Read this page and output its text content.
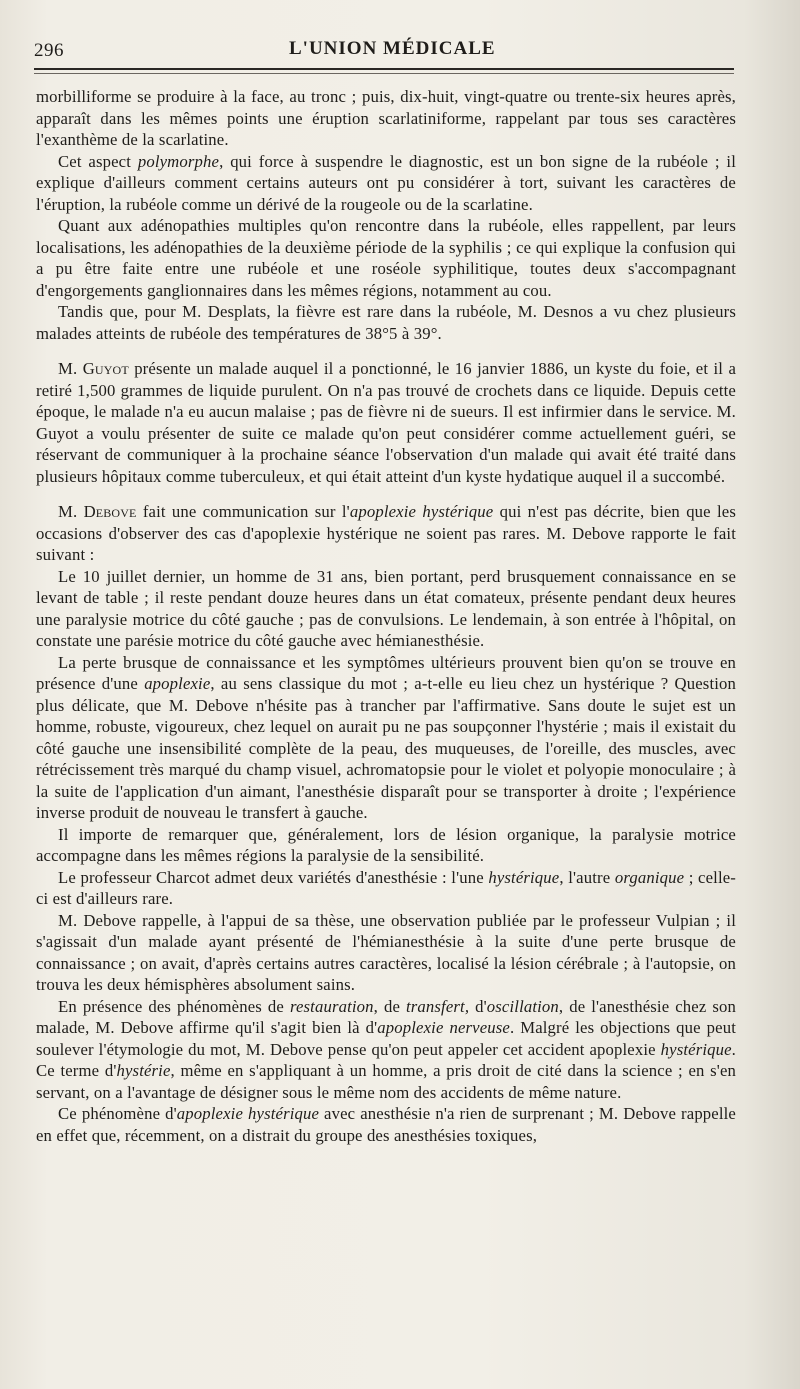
296	L'UNION MÉDICALE

morbilliforme se produire à la face, au tronc ; puis, dix-huit, vingt-quatre ou trente-six heures après, apparaît dans les mêmes points une éruption scarlatiniforme, rappelant par tous ses caractères l'exanthème de la scarlatine.

Cet aspect polymorphe, qui force à suspendre le diagnostic, est un bon signe de la rubéole ; il explique d'ailleurs comment certains auteurs ont pu considérer à tort, suivant les caractères de l'éruption, la rubéole comme un dérivé de la rougeole ou de la scarlatine.

Quant aux adénopathies multiples qu'on rencontre dans la rubéole, elles rappellent, par leurs localisations, les adénopathies de la deuxième période de la syphilis ; ce qui explique la confusion qui a pu être faite entre une rubéole et une roséole syphilitique, toutes deux s'accompagnant d'engorgements ganglionnaires dans les mêmes régions, notamment au cou.

Tandis que, pour M. Desplats, la fièvre est rare dans la rubéole, M. Desnos a vu chez plusieurs malades atteints de rubéole des températures de 38°5 à 39°.

M. Guyot présente un malade auquel il a ponctionné, le 16 janvier 1886, un kyste du foie, et il a retiré 1,500 grammes de liquide purulent. On n'a pas trouvé de crochets dans ce liquide. Depuis cette époque, le malade n'a eu aucun malaise ; pas de fièvre ni de sueurs. Il est infirmier dans le service. M. Guyot a voulu présenter de suite ce malade qu'on peut considérer comme actuellement guéri, se réservant de communiquer à la prochaine séance l'observation d'un malade qui avait été traité dans plusieurs hôpitaux comme tuberculeux, et qui était atteint d'un kyste hydatique auquel il a succombé.

M. Debove fait une communication sur l'apoplexie hystérique qui n'est pas décrite, bien que les occasions d'observer des cas d'apoplexie hystérique ne soient pas rares. M. Debove rapporte le fait suivant :

Le 10 juillet dernier, un homme de 31 ans, bien portant, perd brusquement connaissance en se levant de table ; il reste pendant douze heures dans un état comateux, présente pendant deux heures une paralysie motrice du côté gauche ; pas de convulsions. Le lendemain, à son entrée à l'hôpital, on constate une parésie motrice du côté gauche avec hémianesthésie.

La perte brusque de connaissance et les symptômes ultérieurs prouvent bien qu'on se trouve en présence d'une apoplexie, au sens classique du mot ; a-t-elle eu lieu chez un hystérique ? Question plus délicate, que M. Debove n'hésite pas à trancher par l'affirmative. Sans doute le sujet est un homme, robuste, vigoureux, chez lequel on aurait pu ne pas soupçonner l'hystérie ; mais il existait du côté gauche une insensibilité complète de la peau, des muqueuses, de l'oreille, des muscles, avec rétrécissement très marqué du champ visuel, achromatopsie pour le violet et polyopie monoculaire ; à la suite de l'application d'un aimant, l'anesthésie disparaît pour se transporter à droite ; l'expérience inverse produit de nouveau le transfert à gauche.

Il importe de remarquer que, généralement, lors de lésion organique, la paralysie motrice accompagne dans les mêmes régions la paralysie de la sensibilité.

Le professeur Charcot admet deux variétés d'anesthésie : l'une hystérique, l'autre organique ; celle-ci est d'ailleurs rare.

M. Debove rappelle, à l'appui de sa thèse, une observation publiée par le professeur Vulpian ; il s'agissait d'un malade ayant présenté de l'hémianesthésie à la suite d'une perte brusque de connaissance ; on avait, d'après certains autres caractères, localisé la lésion cérébrale ; à l'autopsie, on trouva les deux hémisphères absolument sains.

En présence des phénomènes de restauration, de transfert, d'oscillation, de l'anesthésie chez son malade, M. Debove affirme qu'il s'agit bien là d'apoplexie nerveuse. Malgré les objections que peut soulever l'étymologie du mot, M. Debove pense qu'on peut appeler cet accident apoplexie hystérique. Ce terme d'hystérie, même en s'appliquant à un homme, a pris droit de cité dans la science ; en s'en servant, on a l'avantage de désigner sous le même nom des accidents de même nature.

Ce phénomène d'apoplexie hystérique avec anesthésie n'a rien de surprenant ; M. Debove rappelle en effet que, récemment, on a distrait du groupe des anesthésies toxiques,
